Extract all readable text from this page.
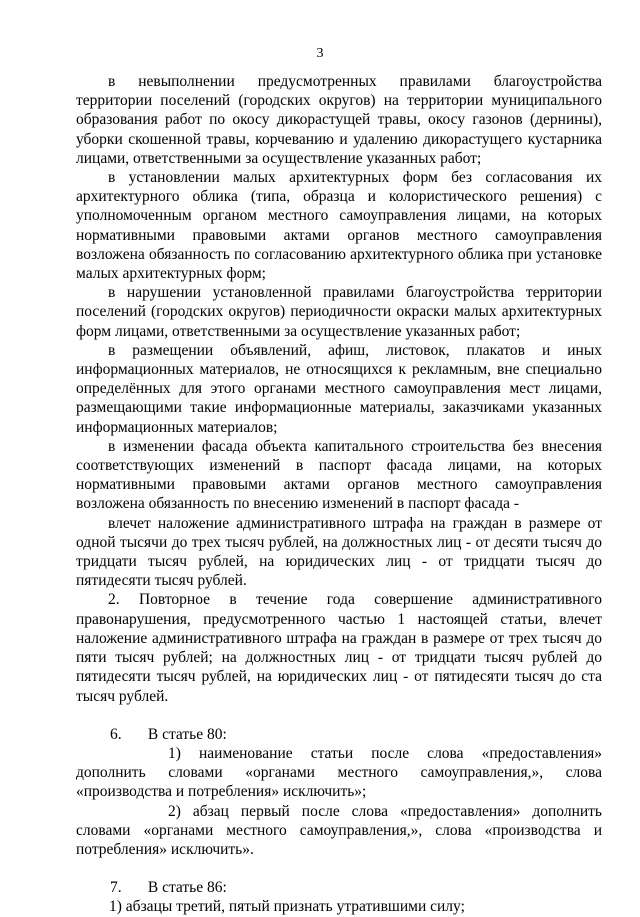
3

в невыполнении предусмотренных правилами благоустройства территории поселений (городских округов) на территории муниципального образования работ по окосу дикорастущей травы, окосу газонов (дернины), уборки скошенной травы, корчеванию и удалению дикорастущего кустарника лицами, ответственными за осуществление указанных работ;

в установлении малых архитектурных форм без согласования их архитектурного облика (типа, образца и колористического решения) с уполномоченным органом местного самоуправления лицами, на которых нормативными правовыми актами органов местного самоуправления возложена обязанность по согласованию архитектурного облика при установке малых архитектурных форм;

в нарушении установленной правилами благоустройства территории поселений (городских округов) периодичности окраски малых архитектурных форм лицами, ответственными за осуществление указанных работ;

в размещении объявлений, афиш, листовок, плакатов и иных информационных материалов, не относящихся к рекламным, вне специально определённых для этого органами местного самоуправления мест лицами, размещающими такие информационные материалы, заказчиками указанных информационных материалов;

в изменении фасада объекта капитального строительства без внесения соответствующих изменений в паспорт фасада лицами, на которых нормативными правовыми актами органов местного самоуправления возложена обязанность по внесению изменений в паспорт фасада -

влечет наложение административного штрафа на граждан в размере от одной тысячи до трех тысяч рублей, на должностных лиц - от десяти тысяч до тридцати тысяч рублей, на юридических лиц - от тридцати тысяч до пятидесяти тысяч рублей.

2. Повторное в течение года совершение административного правонарушения, предусмотренного частью 1 настоящей статьи, влечет наложение административного штрафа на граждан в размере от трех тысяч до пяти тысяч рублей; на должностных лиц - от тридцати тысяч рублей до пятидесяти тысяч рублей, на юридических лиц - от пятидесяти тысяч до ста тысяч рублей.

6. В статье 80:

1) наименование статьи после слова «предоставления» дополнить словами «органами местного самоуправления,», слова «производства и потребления» исключить»;

2) абзац первый после слова «предоставления» дополнить словами «органами местного самоуправления,», слова «производства и потребления» исключить».

7. В статье 86:

1) абзацы третий, пятый признать утратившими силу;
